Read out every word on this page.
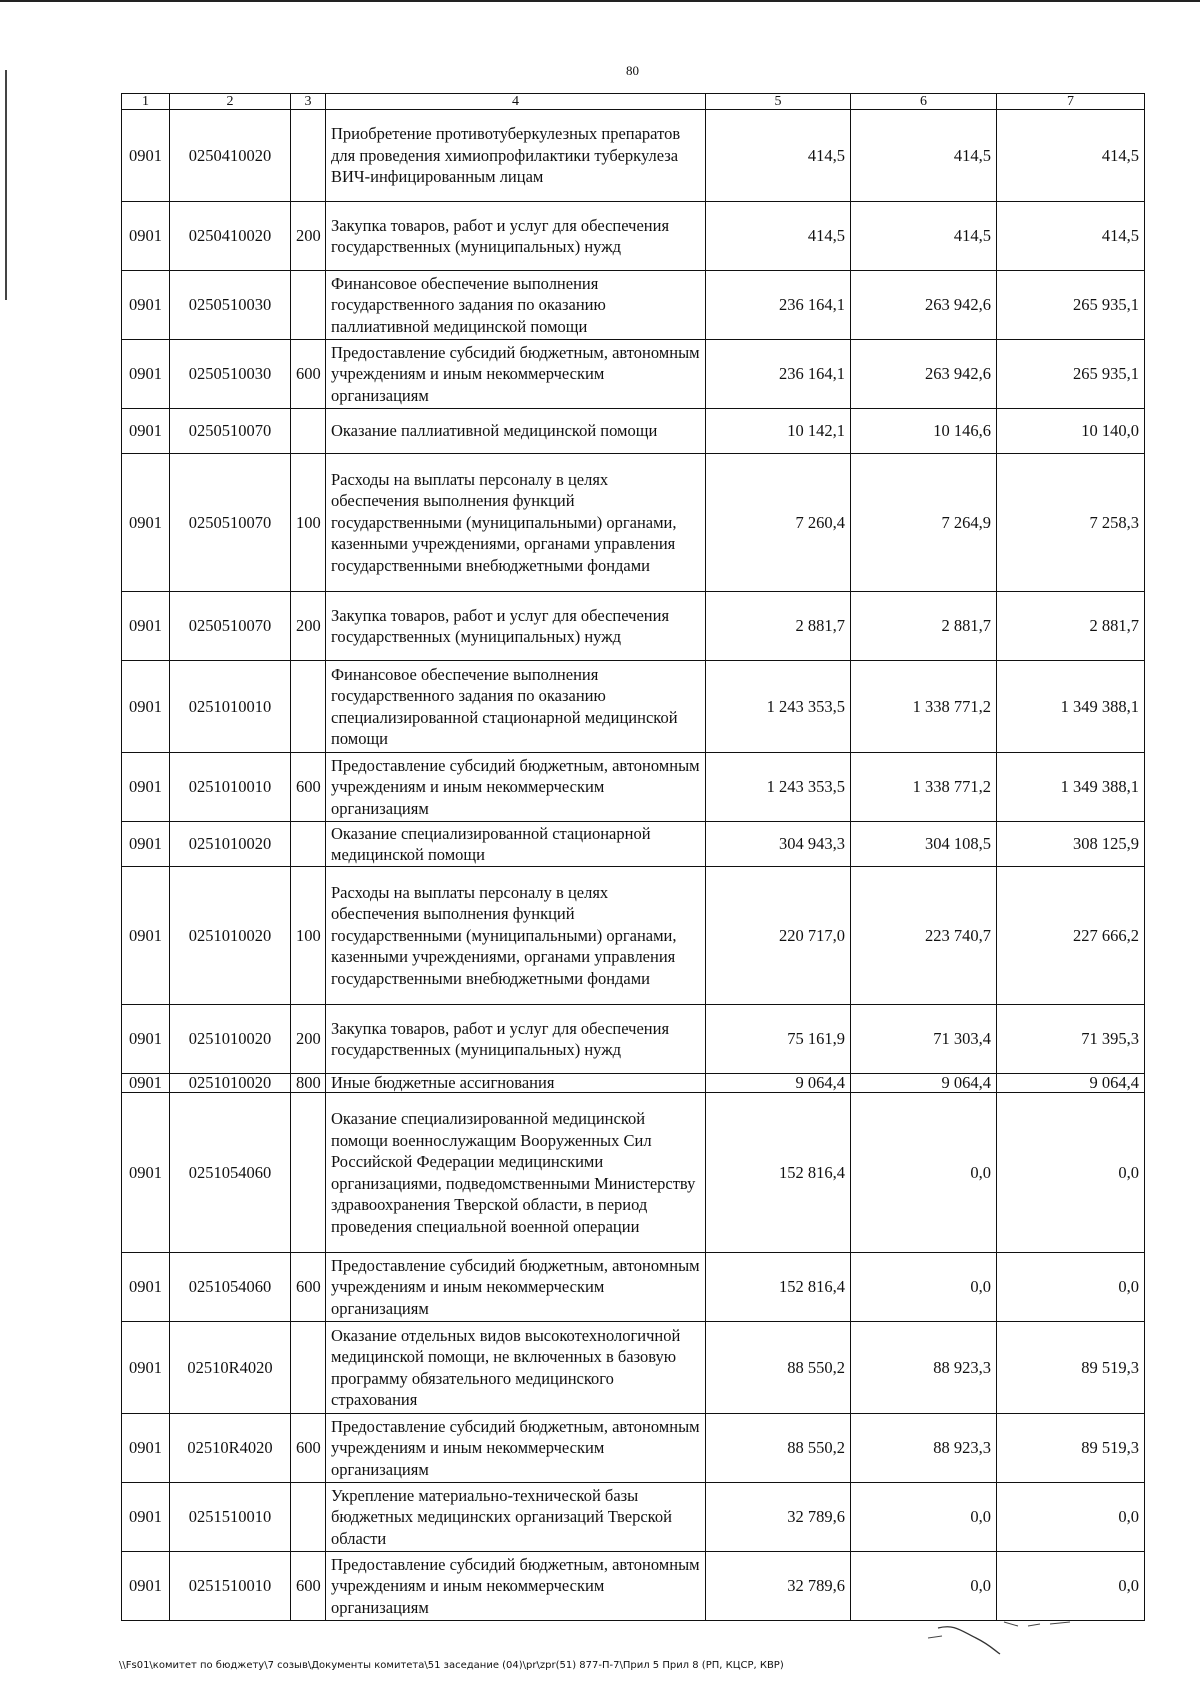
80
1	2	3	4	5	6	7
0901	0250410020		Приобретение противотуберкулезных препаратов для проведения химиопрофилактики туберкулеза ВИЧ-инфицированным лицам	414,5	414,5	414,5
0901	0250410020	200	Закупка товаров, работ и услуг для обеспечения государственных (муниципальных) нужд	414,5	414,5	414,5
0901	0250510030		Финансовое обеспечение выполнения государственного задания по оказанию паллиативной медицинской помощи	236 164,1	263 942,6	265 935,1
0901	0250510030	600	Предоставление субсидий бюджетным, автономным учреждениям и иным некоммерческим организациям	236 164,1	263 942,6	265 935,1
0901	0250510070		Оказание паллиативной медицинской помощи	10 142,1	10 146,6	10 140,0
0901	0250510070	100	Расходы на выплаты персоналу в целях обеспечения выполнения функций государственными (муниципальными) органами, казенными учреждениями, органами управления государственными внебюджетными фондами	7 260,4	7 264,9	7 258,3
0901	0250510070	200	Закупка товаров, работ и услуг для обеспечения государственных (муниципальных) нужд	2 881,7	2 881,7	2 881,7
0901	0251010010		Финансовое обеспечение выполнения государственного задания по оказанию специализированной стационарной медицинской помощи	1 243 353,5	1 338 771,2	1 349 388,1
0901	0251010010	600	Предоставление субсидий бюджетным, автономным учреждениям и иным некоммерческим организациям	1 243 353,5	1 338 771,2	1 349 388,1
0901	0251010020		Оказание специализированной стационарной медицинской помощи	304 943,3	304 108,5	308 125,9
0901	0251010020	100	Расходы на выплаты персоналу в целях обеспечения выполнения функций государственными (муниципальными) органами, казенными учреждениями, органами управления государственными внебюджетными фондами	220 717,0	223 740,7	227 666,2
0901	0251010020	200	Закупка товаров, работ и услуг для обеспечения государственных (муниципальных) нужд	75 161,9	71 303,4	71 395,3
0901	0251010020	800	Иные бюджетные ассигнования	9 064,4	9 064,4	9 064,4
0901	0251054060		Оказание специализированной медицинской помощи военнослужащим Вооруженных Сил Российской Федерации медицинскими организациями, подведомственными Министерству здравоохранения Тверской области, в период проведения специальной военной операции	152 816,4	0,0	0,0
0901	0251054060	600	Предоставление субсидий бюджетным, автономным учреждениям и иным некоммерческим организациям	152 816,4	0,0	0,0
0901	02510R4020		Оказание отдельных видов высокотехнологичной медицинской помощи, не включенных в базовую программу обязательного медицинского страхования	88 550,2	88 923,3	89 519,3
0901	02510R4020	600	Предоставление субсидий бюджетным, автономным учреждениям и иным некоммерческим организациям	88 550,2	88 923,3	89 519,3
0901	0251510010		Укрепление материально-технической базы бюджетных медицинских организаций Тверской области	32 789,6	0,0	0,0
0901	0251510010	600	Предоставление субсидий бюджетным, автономным учреждениям и иным некоммерческим организациям	32 789,6	0,0	0,0
\\Fs01\комитет по бюджету\7 созыв\Документы комитета\51 заседание (04)\pr\zpr(51) 877-П-7\Прил 5 Прил 8 (РП, КЦСР, КВР)
